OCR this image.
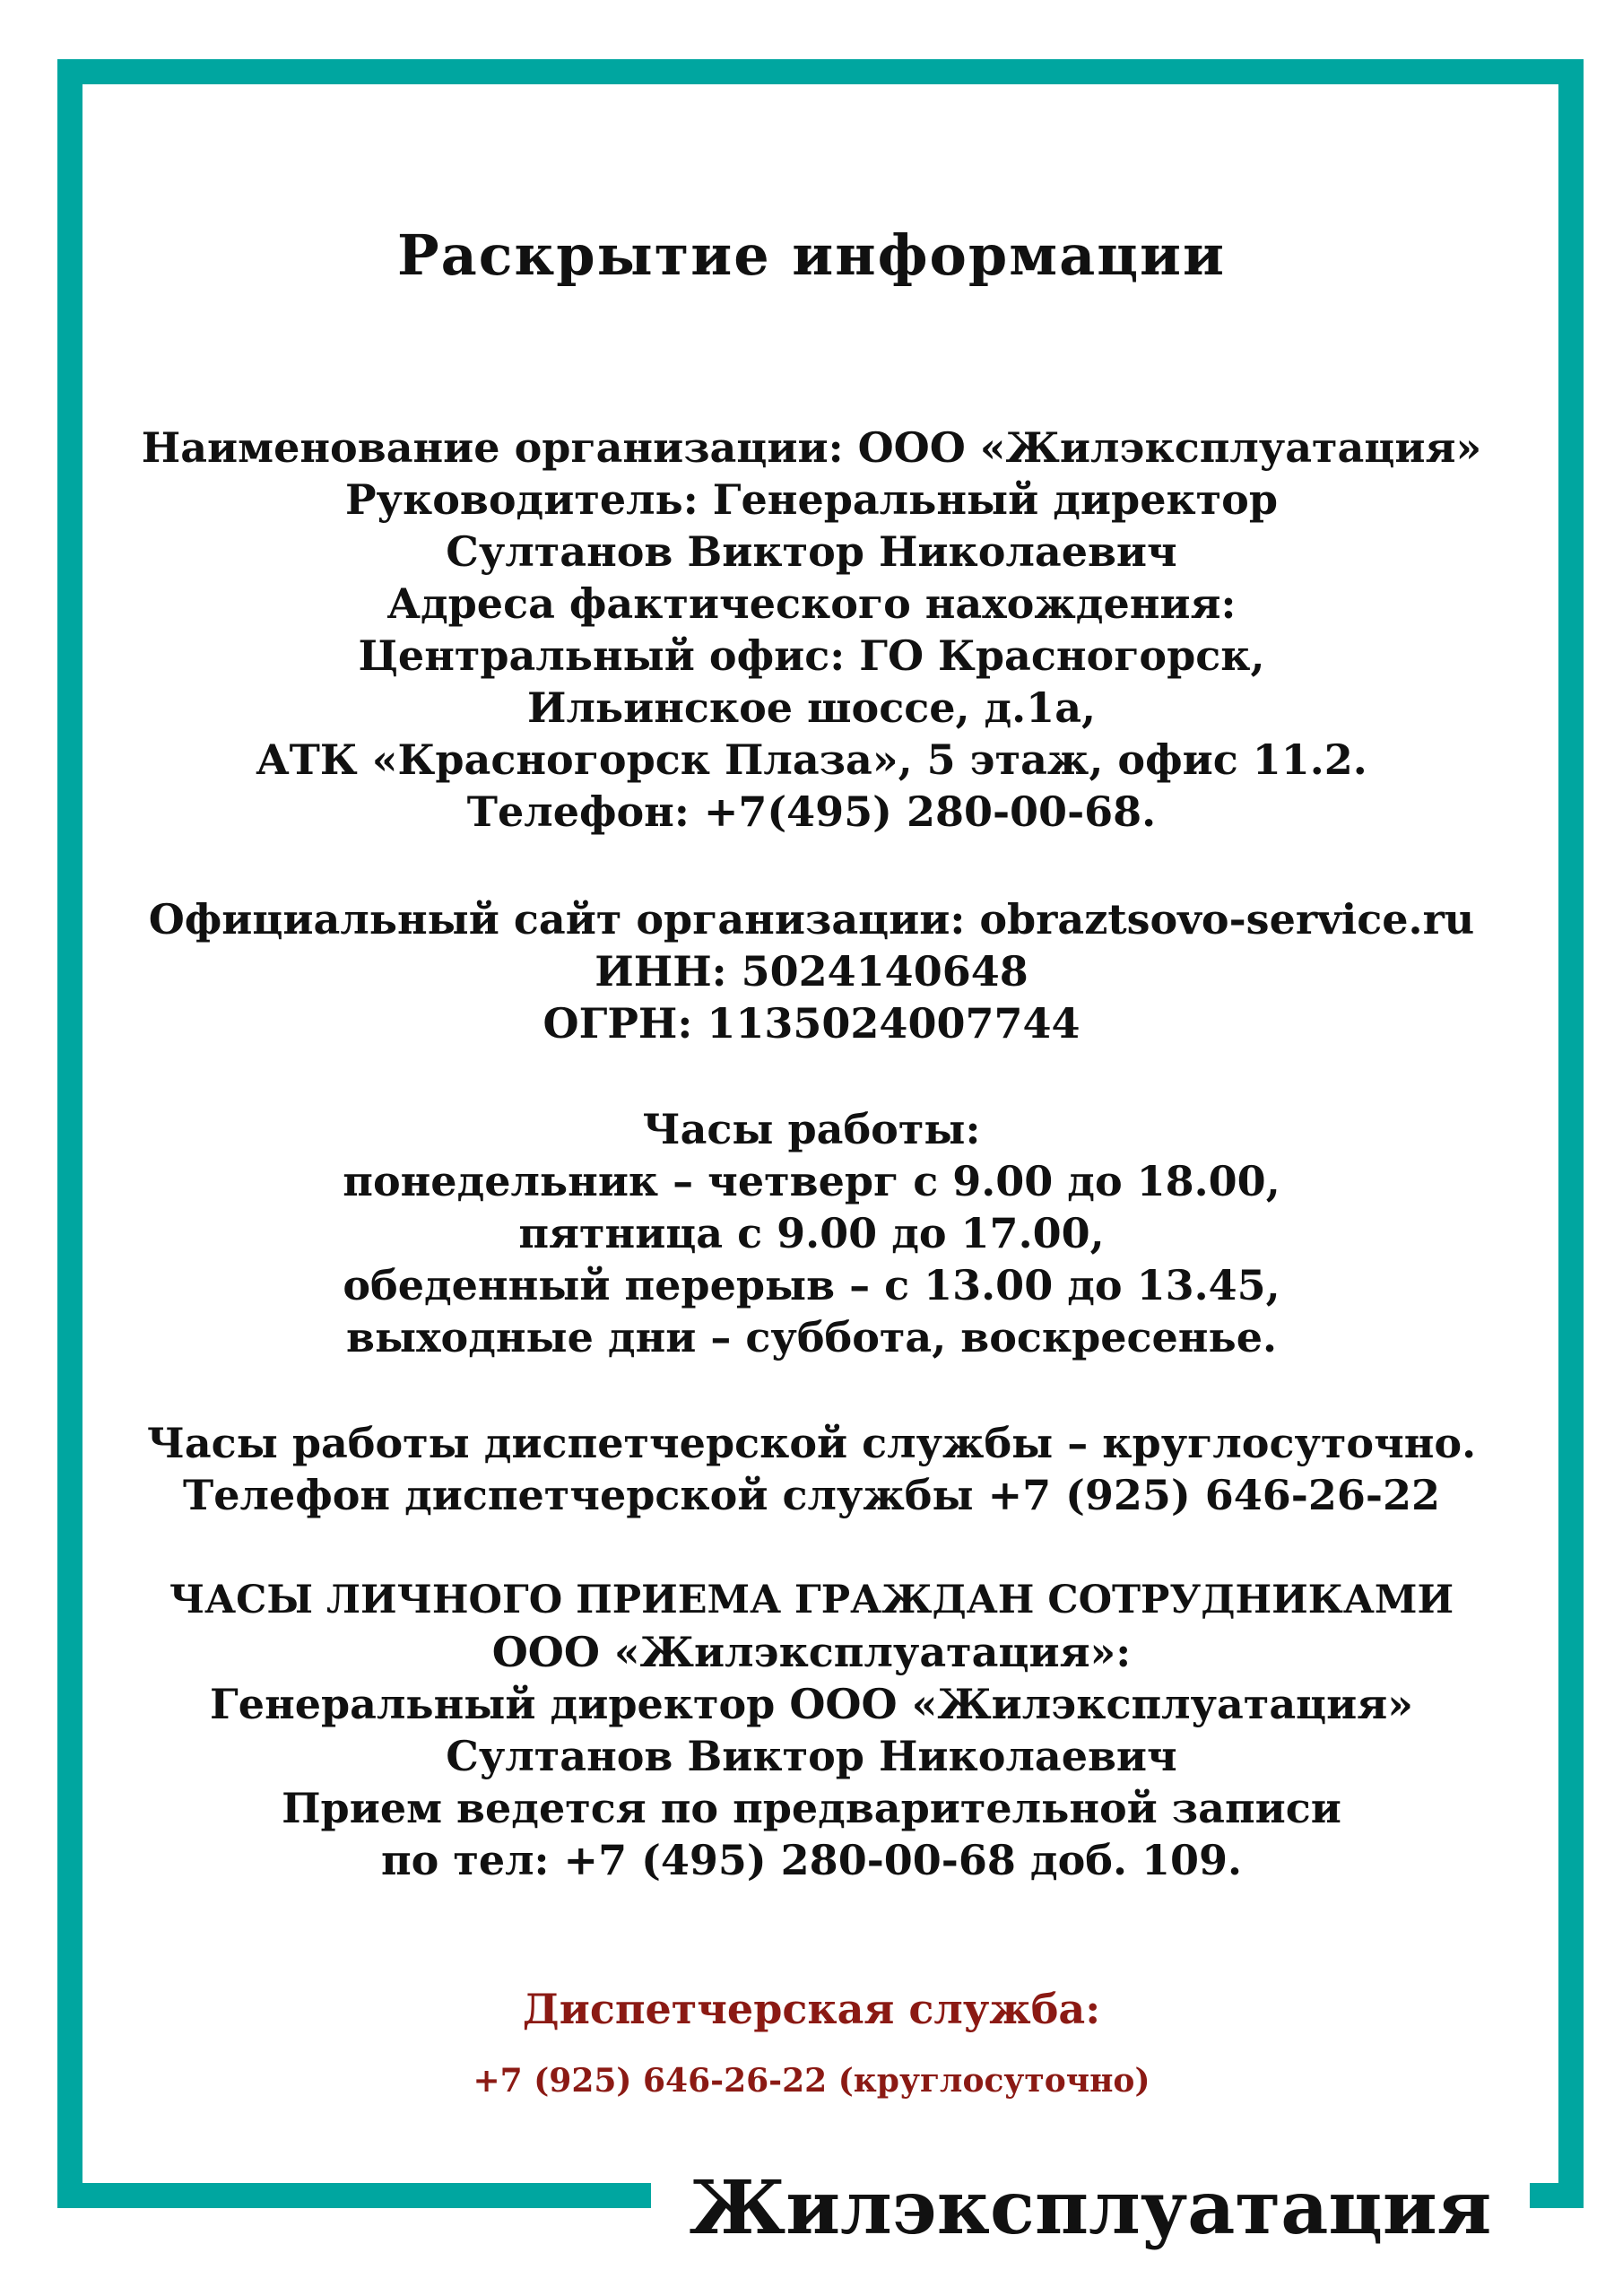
Раскрытие информации
Наименование организации: ООО «Жилэксплуатация»
Руководитель: Генеральный директор
Султанов Виктор Николаевич
Адреса фактического нахождения:
Центральный офис: ГО Красногорск,
Ильинское шоссе, д.1а,
АТК «Красногорск Плаза», 5 этаж, офис 11.2.
Телефон: +7(495) 280-00-68.
Официальный сайт организации: obraztsovo-service.ru
ИНН: 5024140648
ОГРН: 1135024007744
Часы работы:
понедельник – четверг с 9.00 до 18.00,
пятница с 9.00 до 17.00,
обеденный перерыв – с 13.00 до 13.45,
выходные дни – суббота, воскресенье.
Часы работы диспетчерской службы – круглосуточно.
Телефон диспетчерской службы +7 (925) 646-26-22
ЧАСЫ ЛИЧНОГО ПРИЕМА ГРАЖДАН СОТРУДНИКАМИ
ООО «Жилэксплуатация»:
Генеральный директор ООО «Жилэксплуатация»
Султанов Виктор Николаевич
Прием ведется по предварительной записи
по тел: +7 (495) 280-00-68 доб. 109.
Диспетчерская служба:
+7 (925) 646-26-22 (круглосуточно)
Жилэксплуатация
